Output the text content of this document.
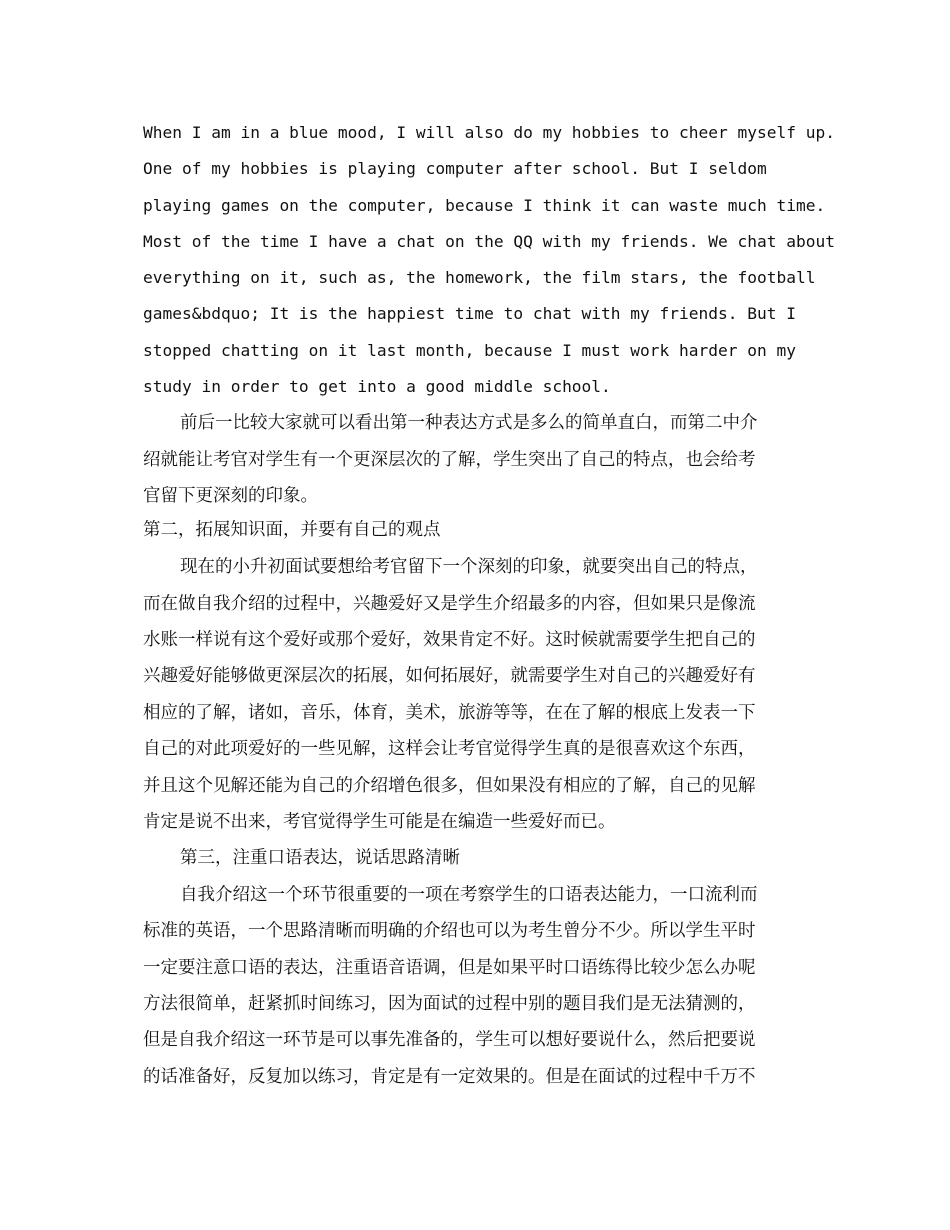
When I am in a blue mood, I will also do my hobbies to cheer myself up.
One of my hobbies is playing computer after school. But I seldom
playing games on the computer, because I think it can waste much time.
Most of the time I have a chat on the QQ with my friends. We chat about
everything on it, such as, the homework, the film stars, the football
games&bdquo; It is the happiest time to chat with my friends. But I
stopped chatting on it last month, because I must work harder on my
study in order to get into a good middle school.
前后一比较大家就可以看出第一种表达方式是多么的简单直白，而第二中介
绍就能让考官对学生有一个更深层次的了解，学生突出了自己的特点，也会给考
官留下更深刻的印象。
第二，拓展知识面，并要有自己的观点
现在的小升初面试要想给考官留下一个深刻的印象，就要突出自己的特点，
而在做自我介绍的过程中，兴趣爱好又是学生介绍最多的内容，但如果只是像流
水账一样说有这个爱好或那个爱好，效果肯定不好。这时候就需要学生把自己的
兴趣爱好能够做更深层次的拓展，如何拓展好，就需要学生对自己的兴趣爱好有
相应的了解，诸如，音乐，体育，美术，旅游等等，在在了解的根底上发表一下
自己的对此项爱好的一些见解，这样会让考官觉得学生真的是很喜欢这个东西，
并且这个见解还能为自己的介绍增色很多，但如果没有相应的了解，自己的见解
肯定是说不出来，考官觉得学生可能是在编造一些爱好而已。
第三，注重口语表达，说话思路清晰
自我介绍这一个环节很重要的一项在考察学生的口语表达能力，一口流利而
标准的英语，一个思路清晰而明确的介绍也可以为考生曾分不少。所以学生平时
一定要注意口语的表达，注重语音语调，但是如果平时口语练得比较少怎么办呢
方法很简单，赶紧抓时间练习，因为面试的过程中别的题目我们是无法猜测的，
但是自我介绍这一环节是可以事先准备的，学生可以想好要说什么，然后把要说
的话准备好，反复加以练习，肯定是有一定效果的。但是在面试的过程中千万不
